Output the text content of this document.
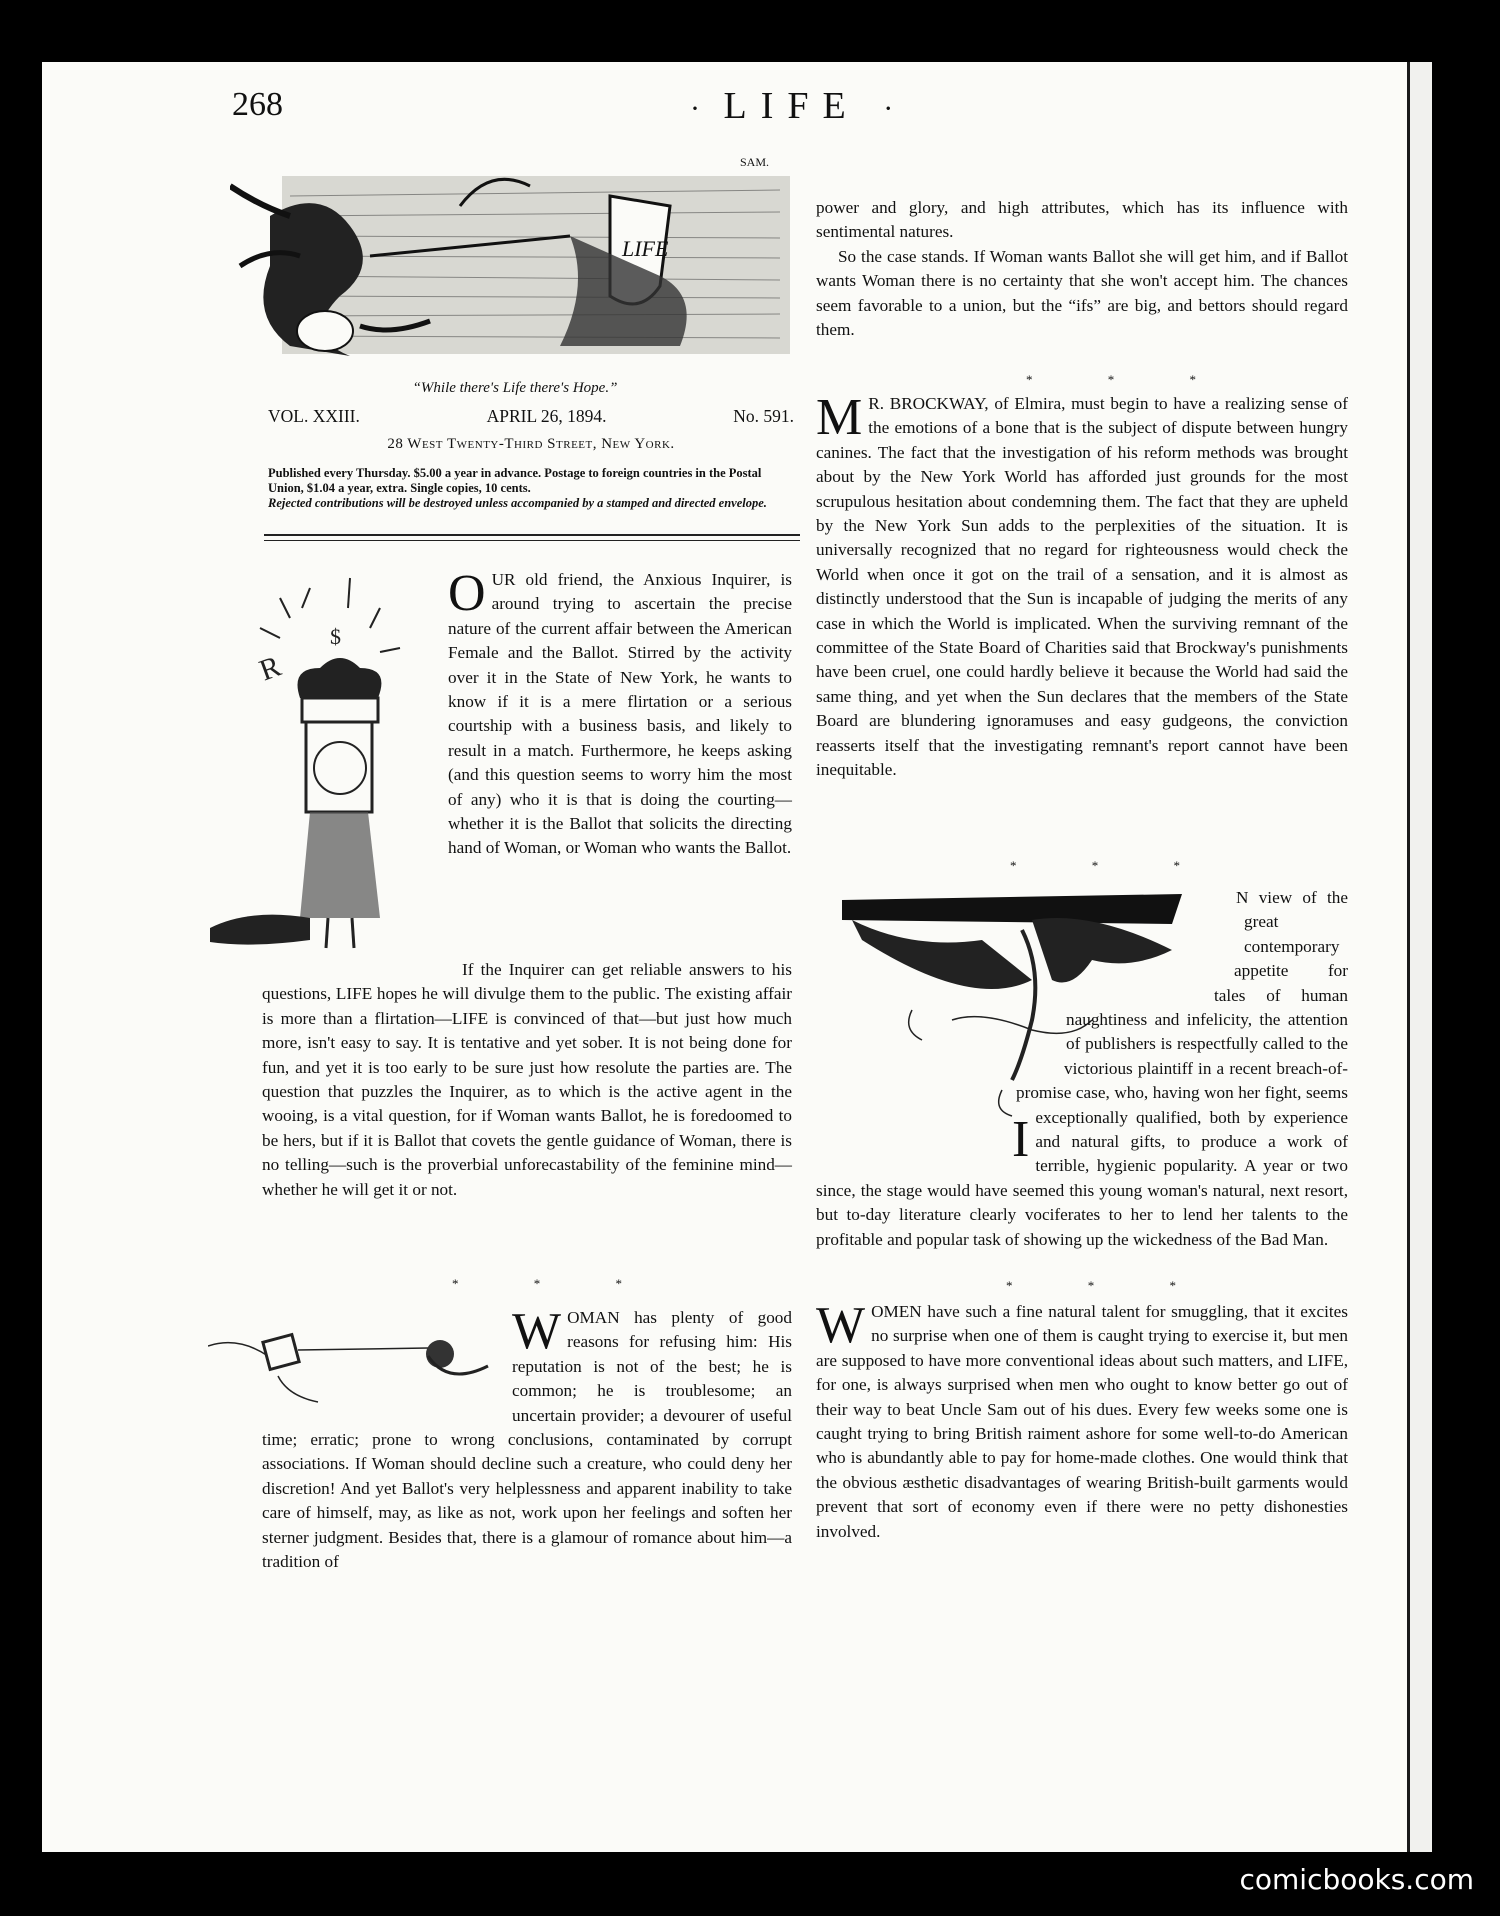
268	· LIFE ·
LIFE
SAM.
“While there's Life there's Hope.”
VOL. XXIII.	APRIL 26, 1894.	No. 591.
28 West Twenty-Third Street, New York.
Published every Thursday. $5.00 a year in advance. Postage to foreign countries in the Postal Union, $1.04 a year, extra. Single copies, 10 cents.
Rejected contributions will be destroyed unless accompanied by a stamped and directed envelope.
R
$

OUR old friend, the Anxious Inquirer, is around trying to ascertain the precise nature of the current affair between the American Female and the Ballot. Stirred by the activity over it in the State of New York, he wants to know if it is a mere flirtation or a serious courtship with a business basis, and likely to result in a match. Furthermore, he keeps asking (and this question seems to worry him the most of any) who it is that is doing the courting—whether it is the Ballot that solicits the directing hand of Woman, or Woman who wants the Ballot.

If the Inquirer can get reliable answers to his questions, LIFE hopes he will divulge them to the public. The existing affair is more than a flirtation—LIFE is convinced of that—but just how much more, isn't easy to say. It is tentative and yet sober. It is not being done for fun, and yet it is too early to be sure just how resolute the parties are. The question that puzzles the Inquirer, as to which is the active agent in the wooing, is a vital question, for if Woman wants Ballot, he is foredoomed to be hers, but if it is Ballot that covets the gentle guidance of Woman, there is no telling—such is the proverbial unforecastability of the feminine mind—whether he will get it or not.

* * *

WOMAN has plenty of good reasons for refusing him: His reputation is not of the best; he is common; he is troublesome; an uncertain provider; a devourer of useful time; erratic; prone to wrong conclusions, contaminated by corrupt associations. If Woman should decline such a creature, who could deny her discretion! And yet Ballot's very helplessness and apparent inability to take care of himself, may, as like as not, work upon her feelings and soften her sterner judgment. Besides that, there is a glamour of romance about him—a tradition of

power and glory, and high attributes, which has its influence with sentimental natures.

So the case stands. If Woman wants Ballot she will get him, and if Ballot wants Woman there is no certainty that she won't accept him. The chances seem favorable to a union, but the “ifs” are big, and bettors should regard them.

* * *

M R. BROCKWAY, of Elmira, must begin to have a realizing sense of the emotions of a bone that is the subject of dispute between hungry canines. The fact that the investigation of his reform methods was brought about by the New York World has afforded just grounds for the most scrupulous hesitation about condemning them. The fact that they are upheld by the New York Sun adds to the perplexities of the situation. It is universally recognized that no regard for righteousness would check the World when once it got on the trail of a sensation, and it is almost as distinctly understood that the Sun is incapable of judging the merits of any case in which the World is implicated. When the surviving remnant of the committee of the State Board of Charities said that Brockway's punishments have been cruel, one could hardly believe it because the World had said the same thing, and yet when the Sun declares that the members of the State Board are blundering ignoramuses and easy gudgeons, the conviction reasserts itself that the investigating remnant's report cannot have been inequitable.

* * *

I
N view of the great contemporary appetite for tales of human naughtiness and infelicity, the attention of publishers is respectfully called to the victorious plaintiff in a recent breach-of-promise case, who, having won her fight, seems exceptionally qualified, both by experience and natural gifts, to produce a work of terrible, hygienic popularity. A year or two since, the stage would have seemed this young woman's natural, next resort, but to-day literature clearly vociferates to her to lend her talents to the profitable and popular task of showing up the wickedness of the Bad Man.

* * *

WOMEN have such a fine natural talent for smuggling, that it excites no surprise when one of them is caught trying to exercise it, but men are supposed to have more conventional ideas about such matters, and LIFE, for one, is always surprised when men who ought to know better go out of their way to beat Uncle Sam out of his dues. Every few weeks some one is caught trying to bring British raiment ashore for some well-to-do American who is abundantly able to pay for home-made clothes. One would think that the obvious æsthetic disadvantages of wearing British-built garments would prevent that sort of economy even if there were no petty dishonesties involved.

comicbooks.com
